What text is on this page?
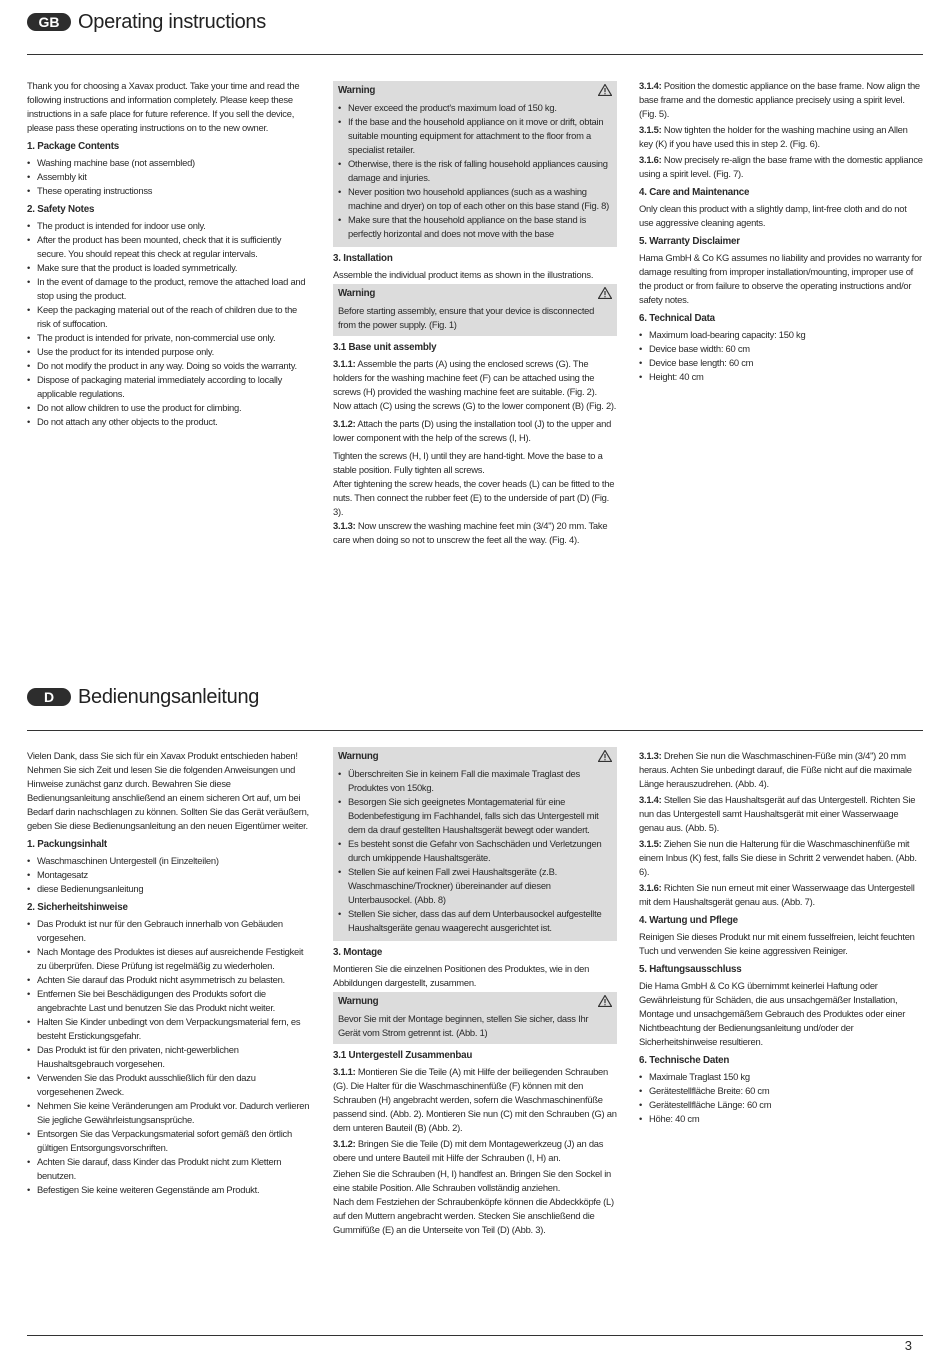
GB Operating instructions

Thank you for choosing a Xavax product. Take your time and read the following instructions and information completely. Please keep these instructions in a safe place for future reference. If you sell the device, please pass these operating instructions on to the new owner.

1. Package Contents
• Washing machine base (not assembled)
• Assembly kit
• These operating instructionss
2. Safety Notes
• The product is intended for indoor use only.
• After the product has been mounted, check that it is sufficiently secure. You should repeat this check at regular intervals.
• Make sure that the product is loaded symmetrically.
• In the event of damage to the product, remove the attached load and stop using the product.
• Keep the packaging material out of the reach of children due to the risk of suffocation.
• The product is intended for private, non-commercial use only.
• Use the product for its intended purpose only.
• Do not modify the product in any way. Doing so voids the warranty.
• Dispose of packaging material immediately according to locally applicable regulations.
• Do not allow children to use the product for climbing.
• Do not attach any other objects to the product.
Warning
• Never exceed the product's maximum load of 150 kg.
• If the base and the household appliance on it move or drift, obtain suitable mounting equipment for attachment to the floor from a specialist retailer.
• Otherwise, there is the risk of falling household appliances causing damage and injuries.
• Never position two household appliances (such as a washing machine and dryer) on top of each other on this base stand (Fig. 8)
• Make sure that the household appliance on the base stand is perfectly horizontal and does not move with the base
3. Installation

Assemble the individual product items as shown in the illustrations.

Warning

Before starting assembly, ensure that your device is disconnected from the power supply. (Fig. 1)

3.1 Base unit assembly

3.1.1: Assemble the parts (A) using the enclosed screws (G). The holders for the washing machine feet (F) can be attached using the screws (H) provided the washing machine feet are suitable. (Fig. 2). Now attach (C) using the screws (G) to the lower component (B) (Fig. 2).

3.1.2: Attach the parts (D) using the installation tool (J) to the upper and lower component with the help of the screws (I, H).

Tighten the screws (H, I) until they are hand-tight. Move the base to a stable position. Fully tighten all screws.

After tightening the screw heads, the cover heads (L) can be fitted to the nuts. Then connect the rubber feet (E) to the underside of part (D) (Fig. 3).

3.1.3: Now unscrew the washing machine feet min (3/4") 20 mm. Take care when doing so not to unscrew the feet all the way. (Fig. 4).

3.1.4: Position the domestic appliance on the base frame. Now align the base frame and the domestic appliance precisely using a spirit level. (Fig. 5).

3.1.5: Now tighten the holder for the washing machine using an Allen key (K) if you have used this in step 2. (Fig. 6).

3.1.6: Now precisely re-align the base frame with the domestic appliance using a spirit level. (Fig. 7).

4. Care and Maintenance

Only clean this product with a slightly damp, lint-free cloth and do not use aggressive cleaning agents.

5. Warranty Disclaimer

Hama GmbH & Co KG assumes no liability and provides no warranty for damage resulting from improper installation/mounting, improper use of the product or from failure to observe the operating instructions and/or safety notes.

6. Technical Data
• Maximum load-bearing capacity: 150 kg
• Device base width: 60 cm
• Device base length: 60 cm
• Height: 40 cm
D	Bedienungsanleitung

Vielen Dank, dass Sie sich für ein Xavax Produkt entschieden haben! Nehmen Sie sich Zeit und lesen Sie die folgenden Anweisungen und Hinweise zunächst ganz durch. Bewahren Sie diese Bedienungsanleitung anschließend an einem sicheren Ort auf, um bei Bedarf darin nachschlagen zu können. Sollten Sie das Gerät veräußern, geben Sie diese Bedienungsanleitung an den neuen Eigentümer weiter.

1. Packungsinhalt
• Waschmaschinen Untergestell (in Einzelteilen)
• Montagesatz
• diese Bedienungsanleitung
2. Sicherheitshinweise
• Das Produkt ist nur für den Gebrauch innerhalb von Gebäuden vorgesehen.
• Nach Montage des Produktes ist dieses auf ausreichende Festigkeit zu überprüfen. Diese Prüfung ist regelmäßig zu wiederholen.
• Achten Sie darauf das Produkt nicht asymmetrisch zu belasten.
• Entfernen Sie bei Beschädigungen des Produkts sofort die angebrachte Last und benutzen Sie das Produkt nicht weiter.
• Halten Sie Kinder unbedingt von dem Verpackungsmaterial fern, es besteht Erstickungsgefahr.
• Das Produkt ist für den privaten, nicht-gewerblichen Haushaltsgebrauch vorgesehen.
• Verwenden Sie das Produkt ausschließlich für den dazu vorgesehenen Zweck.
• Nehmen Sie keine Veränderungen am Produkt vor. Dadurch verlieren Sie jegliche Gewährleistungsansprüche.
• Entsorgen Sie das Verpackungsmaterial sofort gemäß den örtlich gültigen Entsorgungsvorschriften.
• Achten Sie darauf, dass Kinder das Produkt nicht zum Klettern benutzen.
• Befestigen Sie keine weiteren Gegenstände am Produkt.
Warnung
• Überschreiten Sie in keinem Fall die maximale Traglast des Produktes von 150kg.
• Besorgen Sie sich geeignetes Montagematerial für eine Bodenbefestigung im Fachhandel, falls sich das Untergestell mit dem da drauf gestellten Haushaltsgerät bewegt oder wandert.
• Es besteht sonst die Gefahr von Sachschäden und Verletzungen durch umkippende Haushaltsgeräte.
• Stellen Sie auf keinen Fall zwei Haushaltsgeräte (z.B. Waschmaschine/Trockner) übereinander auf diesen Unterbausockel. (Abb. 8)
• Stellen Sie sicher, dass das auf dem Unterbausockel aufgestellte Haushaltsgeräte genau waagerecht ausgerichtet ist.
3. Montage

Montieren Sie die einzelnen Positionen des Produktes, wie in den Abbildungen dargestellt, zusammen.

Warnung

Bevor Sie mit der Montage beginnen, stellen Sie sicher, dass Ihr Gerät vom Strom getrennt ist. (Abb. 1)

3.1 Untergestell Zusammenbau

3.1.1: Montieren Sie die Teile (A) mit Hilfe der beiliegenden Schrauben (G). Die Halter für die Waschmaschinenfüße (F) können mit den Schrauben (H) angebracht werden, sofern die Waschmaschinenfüße passend sind. (Abb. 2). Montieren Sie nun (C) mit den Schrauben (G) an dem unteren Bauteil (B) (Abb. 2).

3.1.2: Bringen Sie die Teile (D) mit dem Montagewerkzeug (J) an das obere und untere Bauteil mit Hilfe der Schrauben (I, H) an.

Ziehen Sie die Schrauben (H, I) handfest an. Bringen Sie den Sockel in eine stabile Position. Alle Schrauben vollständig anziehen.

Nach dem Festziehen der Schraubenköpfe können die Abdeckköpfe (L) auf den Muttern angebracht werden. Stecken Sie anschließend die Gummifüße (E) an die Unterseite von Teil (D) (Abb. 3).

3.1.3: Drehen Sie nun die Waschmaschinen-Füße min (3/4") 20 mm heraus. Achten Sie unbedingt darauf, die Füße nicht auf die maximale Länge herauszudrehen. (Abb. 4).

3.1.4: Stellen Sie das Haushaltsgerät auf das Untergestell. Richten Sie nun das Untergestell samt Haushaltsgerät mit einer Wasserwaage genau aus. (Abb. 5).

3.1.5: Ziehen Sie nun die Halterung für die Waschmaschinenfüße mit einem Inbus (K) fest, falls Sie diese in Schritt 2 verwendet haben. (Abb. 6).

3.1.6: Richten Sie nun erneut mit einer Wasserwaage das Untergestell mit dem Haushaltsgerät genau aus. (Abb. 7).

4. Wartung und Pflege

Reinigen Sie dieses Produkt nur mit einem fusselfreien, leicht feuchten Tuch und verwenden Sie keine aggressiven Reiniger.

5. Haftungsausschluss

Die Hama GmbH & Co KG übernimmt keinerlei Haftung oder Gewährleistung für Schäden, die aus unsachgemäßer Installation, Montage und unsachgemäßem Gebrauch des Produktes oder einer Nichtbeachtung der Bedienungsanleitung und/oder der Sicherheitshinweise resultieren.

6. Technische Daten
• Maximale Traglast 150 kg
• Gerätestellfläche Breite: 60 cm
• Gerätestellfläche Länge: 60 cm
• Höhe: 40 cm
3
